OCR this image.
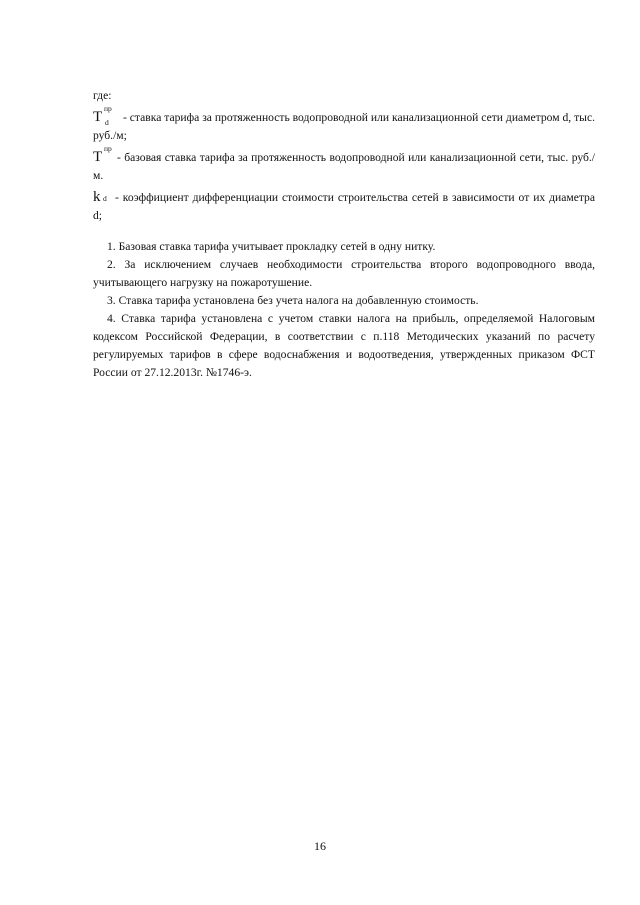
где:
T
пр
d - ставка тарифа за протяженность водопроводной или канализационной сети диаметром d, тыс. руб./м;
T
пр
- базовая ставка тарифа за протяженность водопроводной или канализационной сети, тыс. руб./м.
k d - коэффициент дифференциации стоимости строительства сетей в зависимости от их диаметра d;
1. Базовая ставка тарифа учитывает прокладку сетей в одну нитку.
2. За исключением случаев необходимости строительства второго водопроводного ввода, учитывающего нагрузку на пожаротушение.
3. Ставка тарифа установлена без учета налога на добавленную стоимость.
4. Ставка тарифа установлена с учетом ставки налога на прибыль, определяемой Налоговым кодексом Российской Федерации, в соответствии с п.118 Методических указаний по расчету регулируемых тарифов в сфере водоснабжения и водоотведения, утвержденных приказом ФСТ России от 27.12.2013г. №1746-э.
16
